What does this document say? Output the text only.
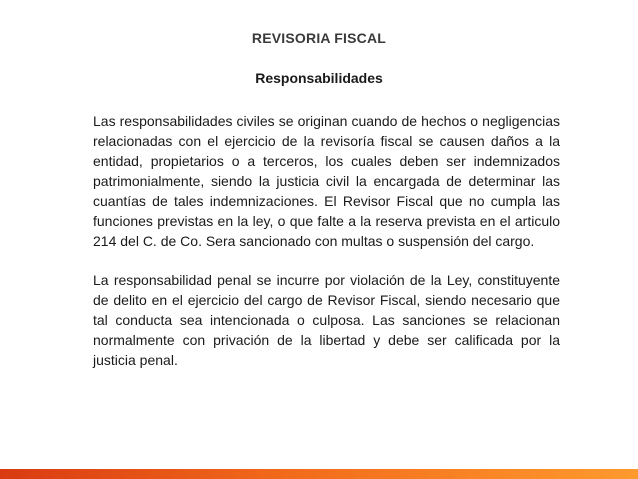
REVISORIA FISCAL
Responsabilidades

Las responsabilidades civiles se originan cuando de hechos o negligencias relacionadas con el ejercicio de la revisoría fiscal se causen daños a la entidad, propietarios o a terceros, los cuales deben ser indemnizados patrimonialmente, siendo la justicia civil la encargada de determinar las cuantías de tales indemnizaciones. El Revisor Fiscal que no cumpla las funciones previstas en la ley, o que falte a la reserva prevista en el articulo 214 del C. de Co. Sera sancionado con multas o suspensión del cargo.

La responsabilidad penal se incurre por violación de la Ley, constituyente de delito en el ejercicio del cargo de Revisor Fiscal, siendo necesario que tal conducta sea intencionada o culposa. Las sanciones se relacionan normalmente con privación de la libertad y debe ser calificada por la justicia penal.
